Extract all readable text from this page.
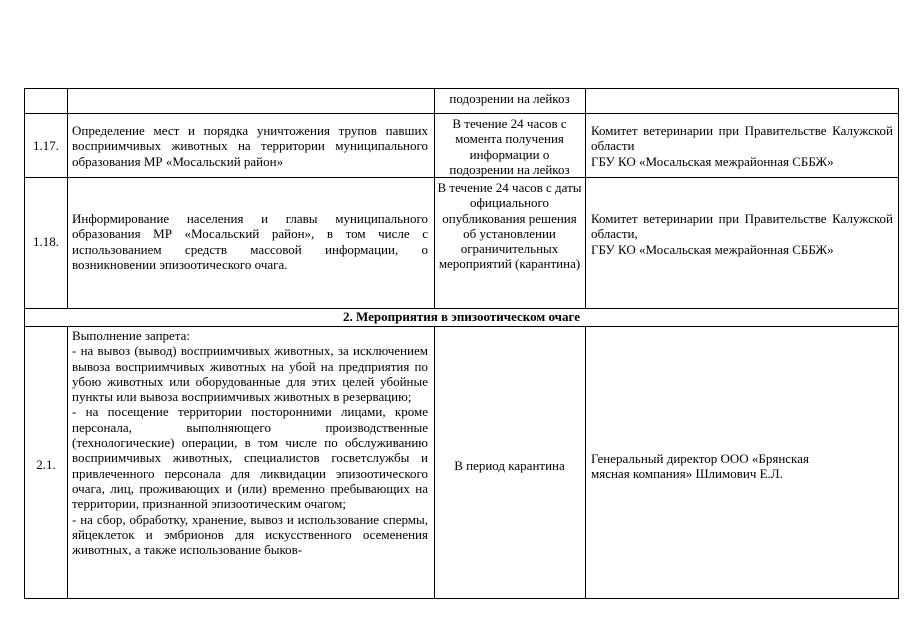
подозрении на лейкоз
1.17.
Определение мест и порядка уничтожения трупов павших восприимчивых животных на территории муниципального образования МР «Мосальский район»
В течение 24 часов с момента получения информации о подозрении на лейкоз
Комитет ветеринарии при Правительстве Калужской области
ГБУ КО «Мосальская межрайонная СББЖ»
1.18.
Информирование населения и главы муниципального образования МР «Мосальский район», в том числе с использованием средств массовой информации, о возникновении эпизоотического очага.
В течение 24 часов с даты официального опубликования решения об установлении ограничительных мероприятий (карантина)
Комитет ветеринарии при Правительстве Калужской области,
ГБУ КО «Мосальская межрайонная СББЖ»
2. Мероприятия в эпизоотическом очаге
2.1.
Выполнение запрета:
- на вывоз (вывод) восприимчивых животных, за исключением вывоза восприимчивых животных на убой на предприятия по убою животных или оборудованные для этих целей убойные пункты или вывоза восприимчивых животных в резервацию;
- на посещение территории посторонними лицами, кроме персонала, выполняющего производственные (технологические) операции, в том числе по обслуживанию восприимчивых животных, специалистов госветслужбы и привлеченного персонала для ликвидации эпизоотического очага, лиц, проживающих и (или) временно пребывающих на территории, признанной эпизоотическим очагом;
- на сбор, обработку, хранение, вывоз и использование спермы, яйцеклеток и эмбрионов для искусственного осеменения животных, а также использование быков-
В период карантина	Генеральный директор ООО «Брянская мясная компания» Шлимович Е.Л.
